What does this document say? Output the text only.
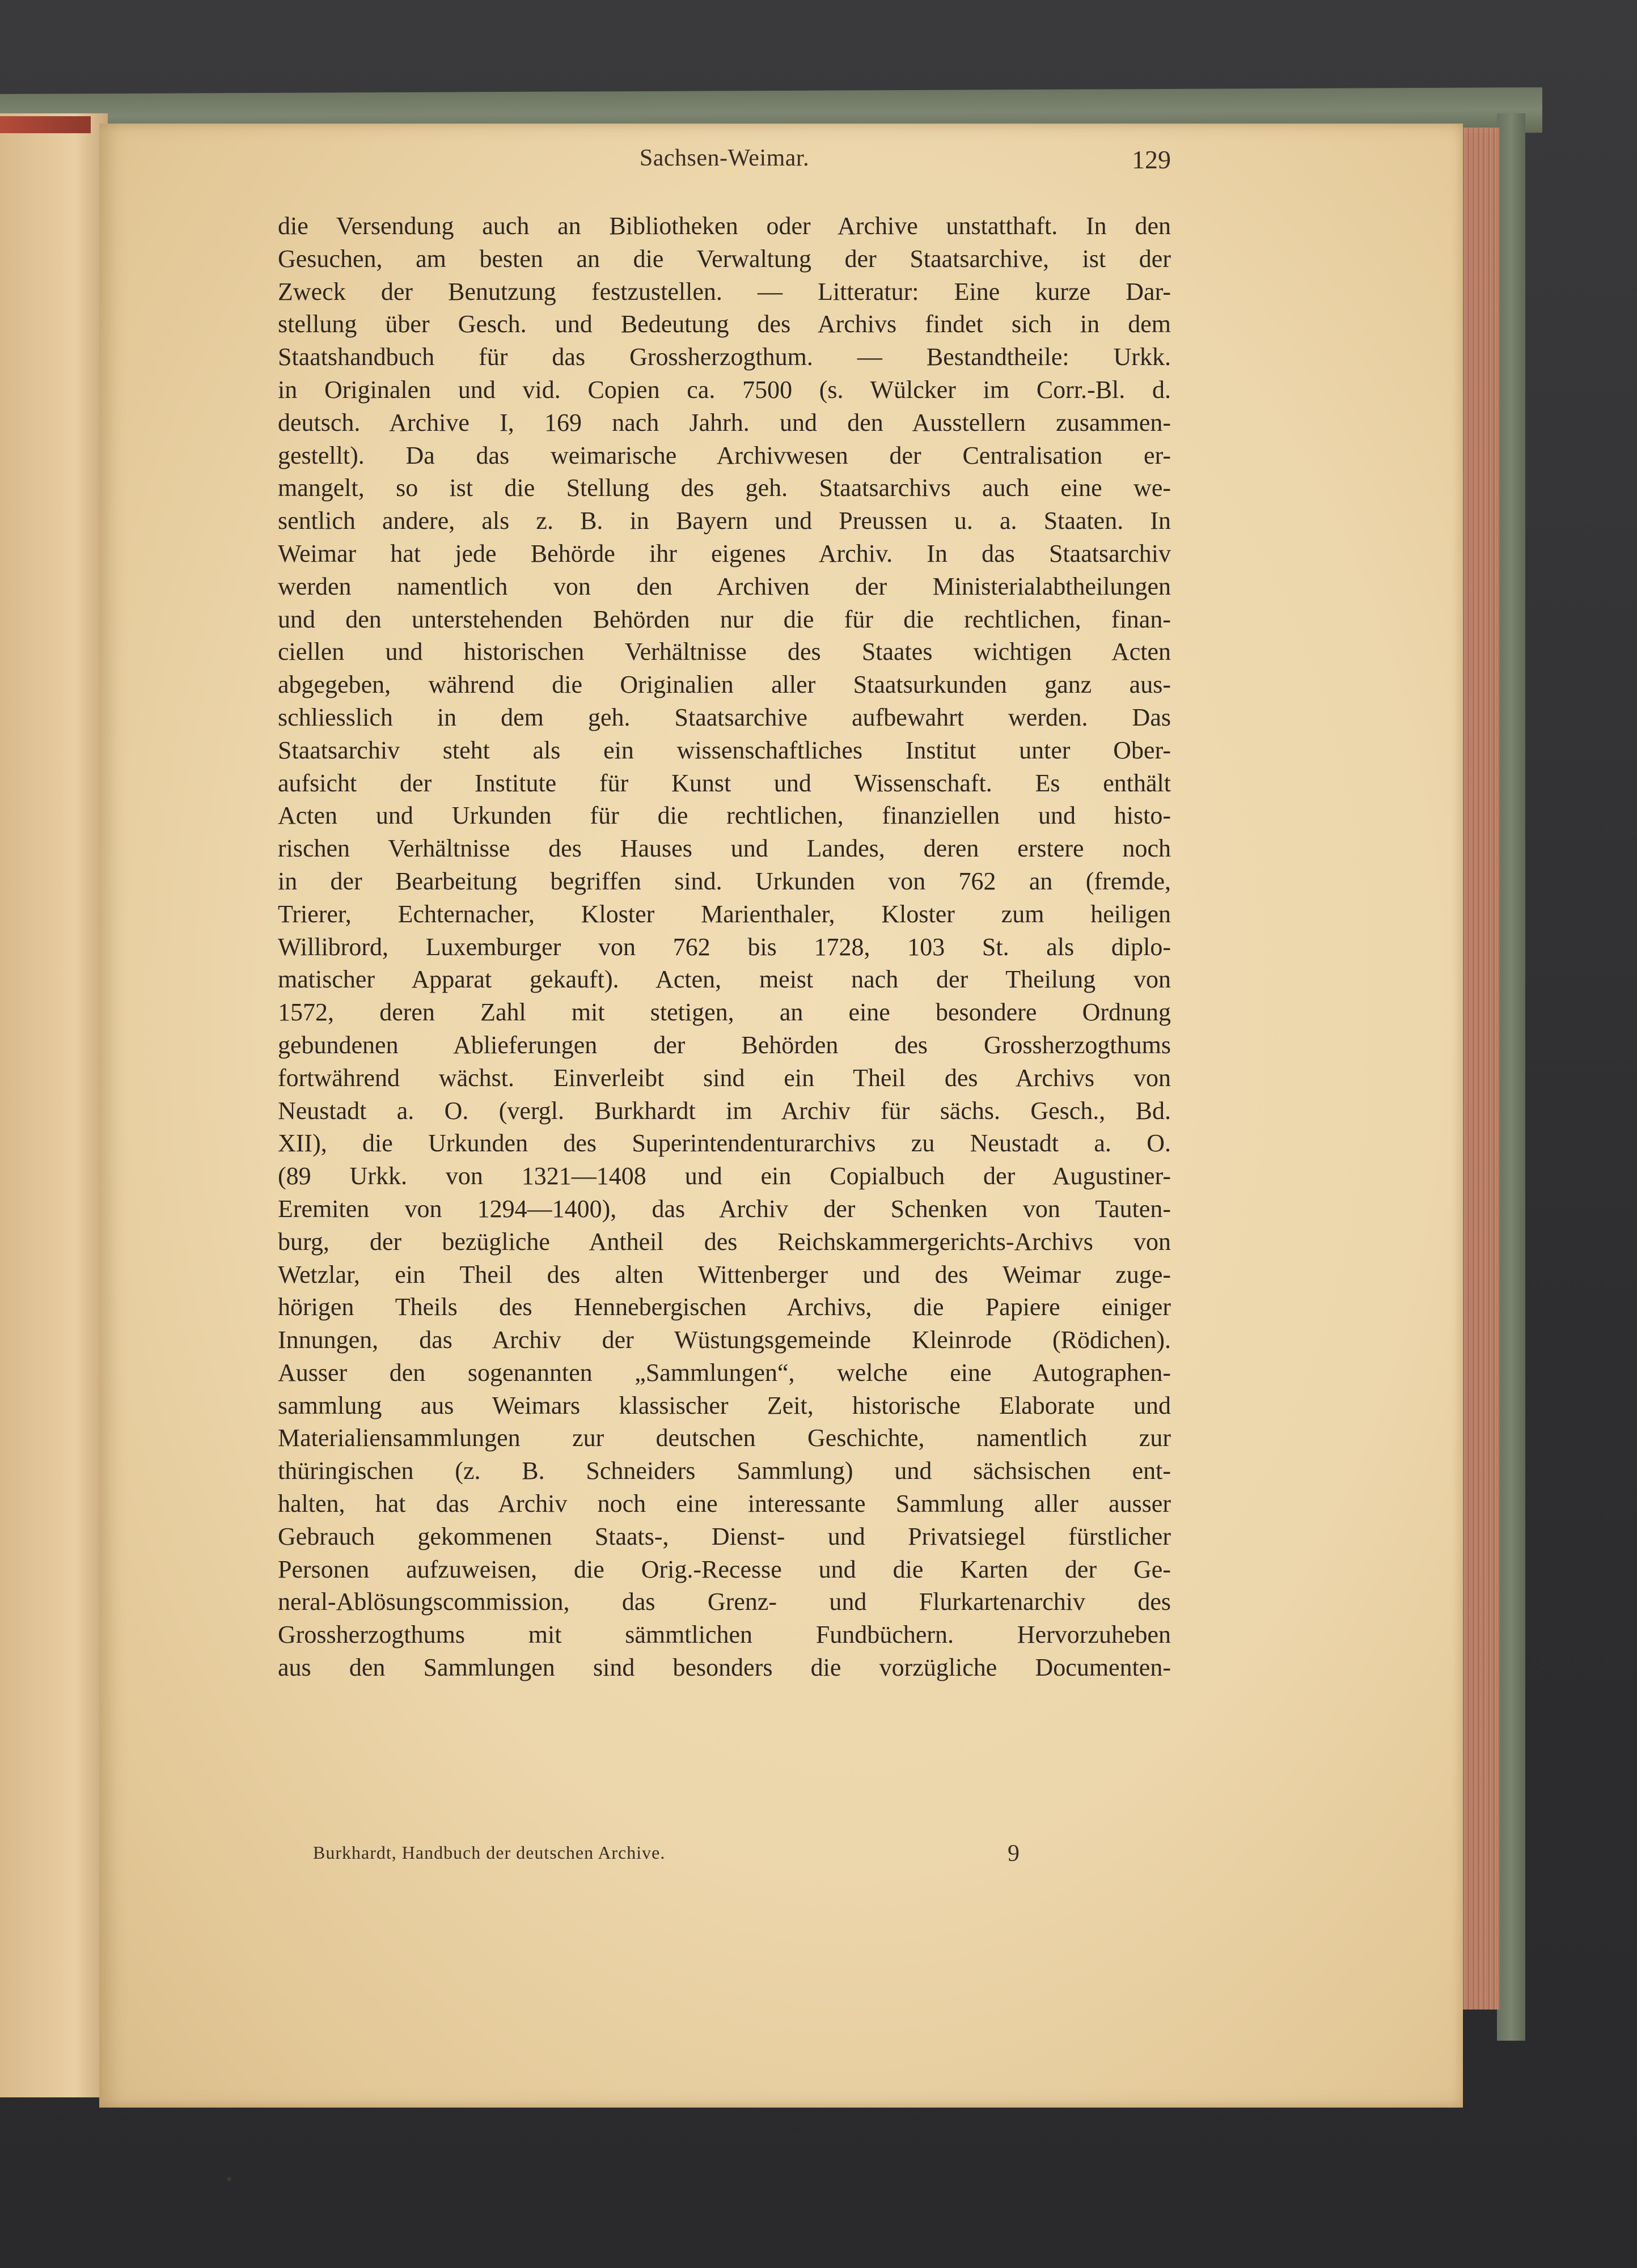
Sachsen-Weimar.	129
die Versendung auch an Bibliotheken oder Archive unstatthaft. In den
Gesuchen, am besten an die Verwaltung der Staatsarchive, ist der
Zweck der Benutzung festzustellen. — Litteratur: Eine kurze Dar-
stellung über Gesch. und Bedeutung des Archivs findet sich in dem
Staatshandbuch für das Grossherzogthum. — Bestandtheile: Urkk.
in Originalen und vid. Copien ca. 7500 (s. Wülcker im Corr.-Bl. d.
deutsch. Archive I, 169 nach Jahrh. und den Ausstellern zusammen-
gestellt). Da das weimarische Archivwesen der Centralisation er-
mangelt, so ist die Stellung des geh. Staatsarchivs auch eine we-
sentlich andere, als z. B. in Bayern und Preussen u. a. Staaten. In
Weimar hat jede Behörde ihr eigenes Archiv. In das Staatsarchiv
werden namentlich von den Archiven der Ministerialabtheilungen
und den unterstehenden Behörden nur die für die rechtlichen, finan-
ciellen und historischen Verhältnisse des Staates wichtigen Acten
abgegeben, während die Originalien aller Staatsurkunden ganz aus-
schliesslich in dem geh. Staatsarchive aufbewahrt werden. Das
Staatsarchiv steht als ein wissenschaftliches Institut unter Ober-
aufsicht der Institute für Kunst und Wissenschaft. Es enthält
Acten und Urkunden für die rechtlichen, finanziellen und histo-
rischen Verhältnisse des Hauses und Landes, deren erstere noch
in der Bearbeitung begriffen sind. Urkunden von 762 an (fremde,
Trierer, Echternacher, Kloster Marienthaler, Kloster zum heiligen
Willibrord, Luxemburger von 762 bis 1728, 103 St. als diplo-
matischer Apparat gekauft). Acten, meist nach der Theilung von
1572, deren Zahl mit stetigen, an eine besondere Ordnung
gebundenen Ablieferungen der Behörden des Grossherzogthums
fortwährend wächst. Einverleibt sind ein Theil des Archivs von
Neustadt a. O. (vergl. Burkhardt im Archiv für sächs. Gesch., Bd.
XII), die Urkunden des Superintendenturarchivs zu Neustadt a. O.
(89 Urkk. von 1321—1408 und ein Copialbuch der Augustiner-
Eremiten von 1294—1400), das Archiv der Schenken von Tauten-
burg, der bezügliche Antheil des Reichskammergerichts-Archivs von
Wetzlar, ein Theil des alten Wittenberger und des Weimar zuge-
hörigen Theils des Hennebergischen Archivs, die Papiere einiger
Innungen, das Archiv der Wüstungsgemeinde Kleinrode (Rödichen).
Ausser den sogenannten „Sammlungen“, welche eine Autographen-
sammlung aus Weimars klassischer Zeit, historische Elaborate und
Materialiensammlungen zur deutschen Geschichte, namentlich zur
thüringischen (z. B. Schneiders Sammlung) und sächsischen ent-
halten, hat das Archiv noch eine interessante Sammlung aller ausser
Gebrauch gekommenen Staats-, Dienst- und Privatsiegel fürstlicher
Personen aufzuweisen, die Orig.-Recesse und die Karten der Ge-
neral-Ablösungscommission, das Grenz- und Flurkartenarchiv des
Grossherzogthums mit sämmtlichen Fundbüchern. Hervorzuheben
aus den Sammlungen sind besonders die vorzügliche Documenten-
Burkhardt, Handbuch der deutschen Archive.	9
